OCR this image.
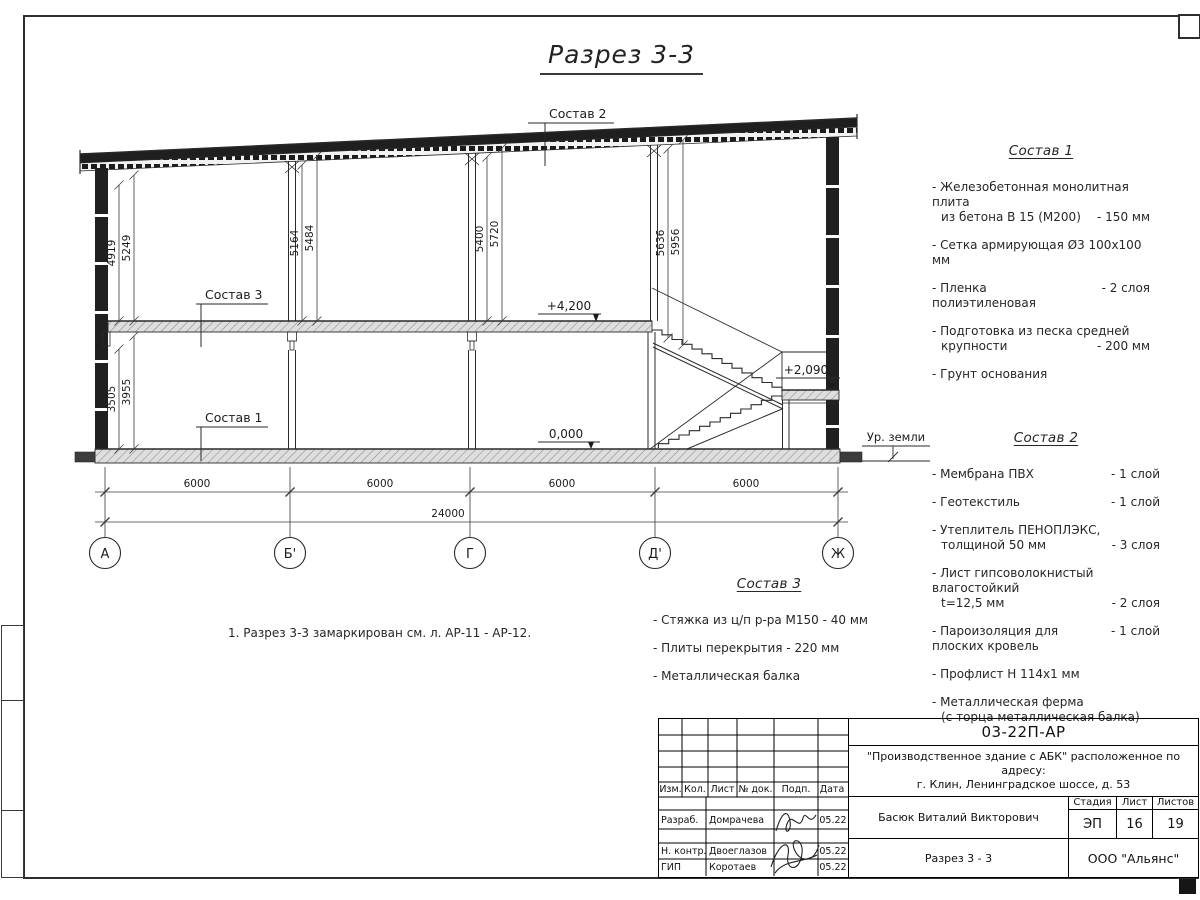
Ур. земли
+4,200
0,000
+2,090
Состав 2
Состав 3
Состав 1
4919 5249
3505 3955
5164 5484	5400 5720	5636 5956
6000	6000	6000	6000
24000
А	Б'	Г	Д'	Ж
Разрез 3-3
Состав 1
- Железобетонная монолитная плита
из бетона В 15 (М200)	- 150 мм
- Сетка армирующая Ø3 100х100 мм
- Пленка полиэтиленовая
- 2 слоя
- Подготовка из песка средней
крупности	- 200 мм
- Грунт основания
Состав 2
- Мембрана ПВХ	- 1 слой
- Геотекстиль	- 1 слой
- Утеплитель ПЕНОПЛЭКС,
толщиной 50 мм	- 3 слоя
- Лист гипсоволокнистый влагостойкий
t=12,5 мм	- 2 слоя
- Пароизоляция для плоских кровель
- 1 слой
- Профлист Н 114х1 мм
- Металлическая ферма
(с торца металлическая балка)
Состав 3
- Стяжка из ц/п р-ра М150 - 40 мм
- Плиты перекрытия - 220 мм
- Металлическая балка
1. Разрез 3-3 замаркирован см. л. АР-11 - АР-12.
Изм. Кол. Лист № док. Подп. Дата
Разраб. Домрачева	05.22
Н. контр. Двоеглазов	05.22
ГИП	Коротаев	05.22
03-22П-АР
"Производственное здание с АБК" расположенное по адресу:
г. Клин, Ленинградское шоссе, д. 53
Басюк Виталий Викторович
Разрез 3 - 3
Стадия	Лист Листов
ЭП	16	19
ООО "Альянс"
